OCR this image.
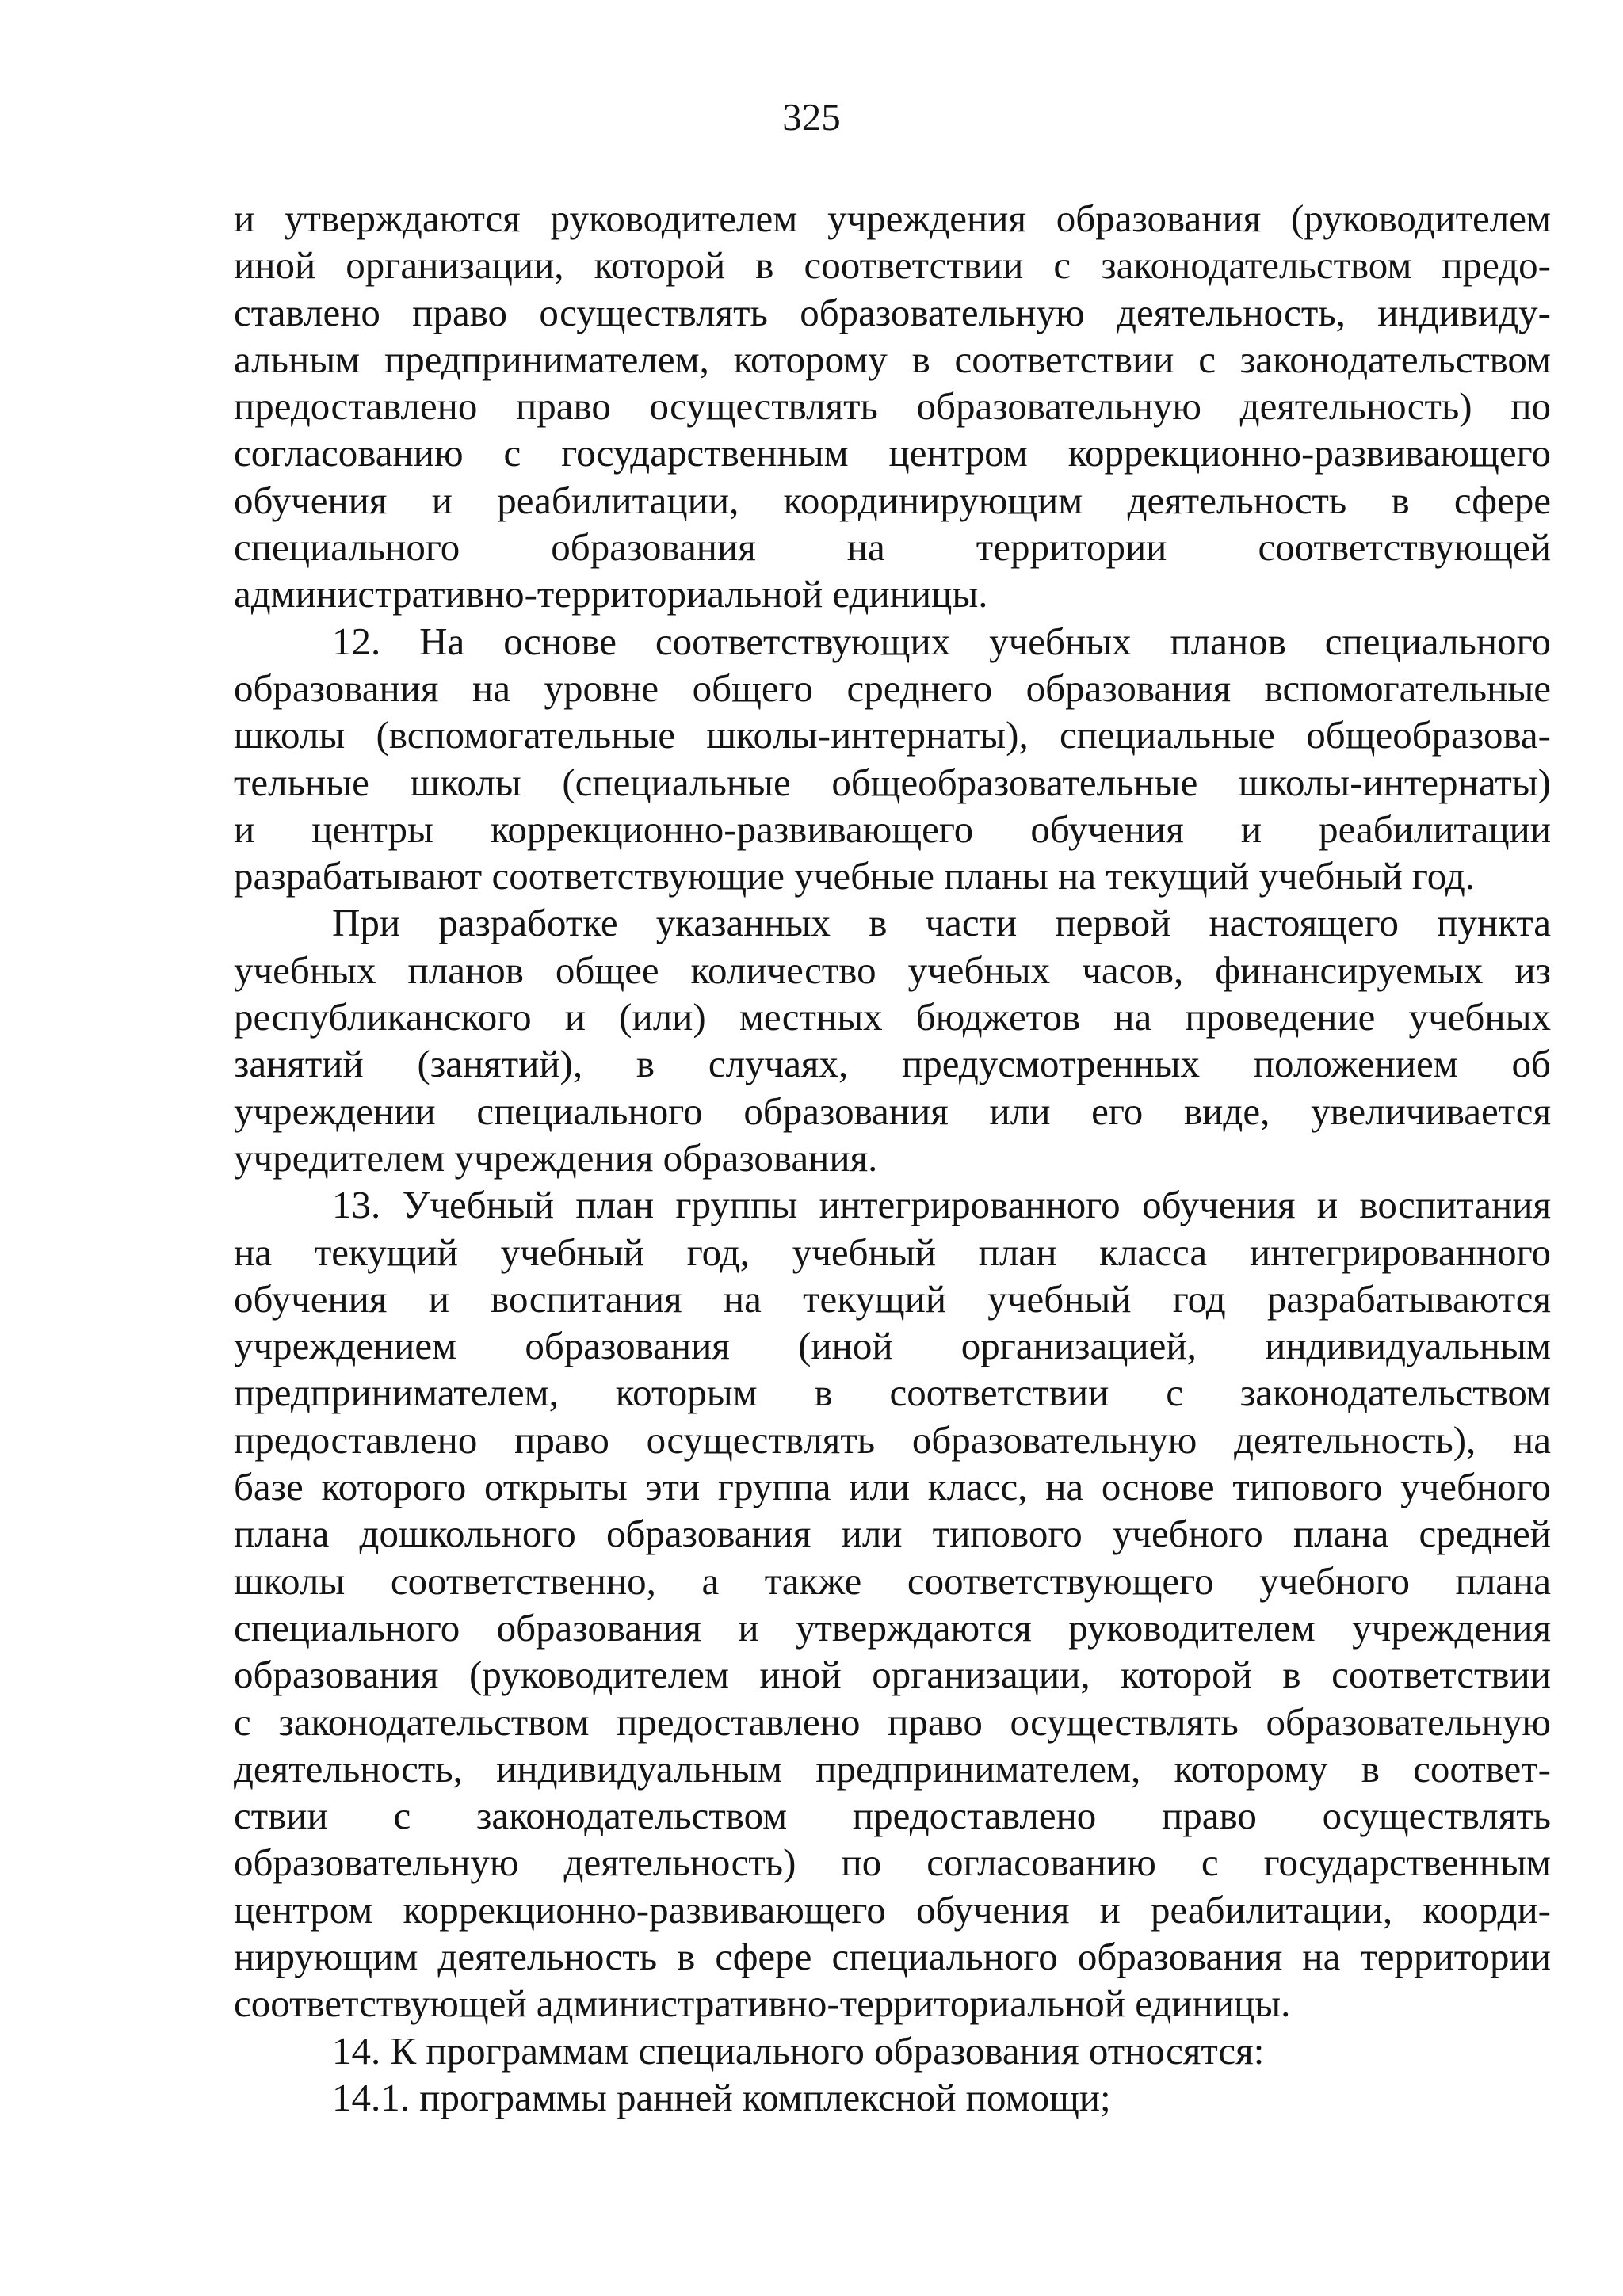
325
и утверждаются руководителем учреждения образования (руководителем
иной организации, которой в соответствии с законодательством предо-
ставлено право осуществлять образовательную деятельность, индивиду-
альным предпринимателем, которому в соответствии с законодательством
предоставлено право осуществлять образовательную деятельность) по
согласованию с государственным центром коррекционно-развивающего
обучения и реабилитации, координирующим деятельность в сфере
специального образования на территории соответствующей
административно-территориальной единицы.
12. На основе соответствующих учебных планов специального
образования на уровне общего среднего образования вспомогательные
школы (вспомогательные школы-интернаты), специальные общеобразова-
тельные школы (специальные общеобразовательные школы-интернаты)
и центры коррекционно-развивающего обучения и реабилитации
разрабатывают соответствующие учебные планы на текущий учебный год.
При разработке указанных в части первой настоящего пункта
учебных планов общее количество учебных часов, финансируемых из
республиканского и (или) местных бюджетов на проведение учебных
занятий (занятий), в случаях, предусмотренных положением об
учреждении специального образования или его виде, увеличивается
учредителем учреждения образования.
13. Учебный план группы интегрированного обучения и воспитания
на текущий учебный год, учебный план класса интегрированного
обучения и воспитания на текущий учебный год разрабатываются
учреждением образования (иной организацией, индивидуальным
предпринимателем, которым в соответствии с законодательством
предоставлено право осуществлять образовательную деятельность), на
базе которого открыты эти группа или класс, на основе типового учебного
плана дошкольного образования или типового учебного плана средней
школы соответственно, а также соответствующего учебного плана
специального образования и утверждаются руководителем учреждения
образования (руководителем иной организации, которой в соответствии
с законодательством предоставлено право осуществлять образовательную
деятельность, индивидуальным предпринимателем, которому в соответ-
ствии с законодательством предоставлено право осуществлять
образовательную деятельность) по согласованию с государственным
центром коррекционно-развивающего обучения и реабилитации, коорди-
нирующим деятельность в сфере специального образования на территории
соответствующей административно-территориальной единицы.
14. К программам специального образования относятся:
14.1. программы ранней комплексной помощи;
